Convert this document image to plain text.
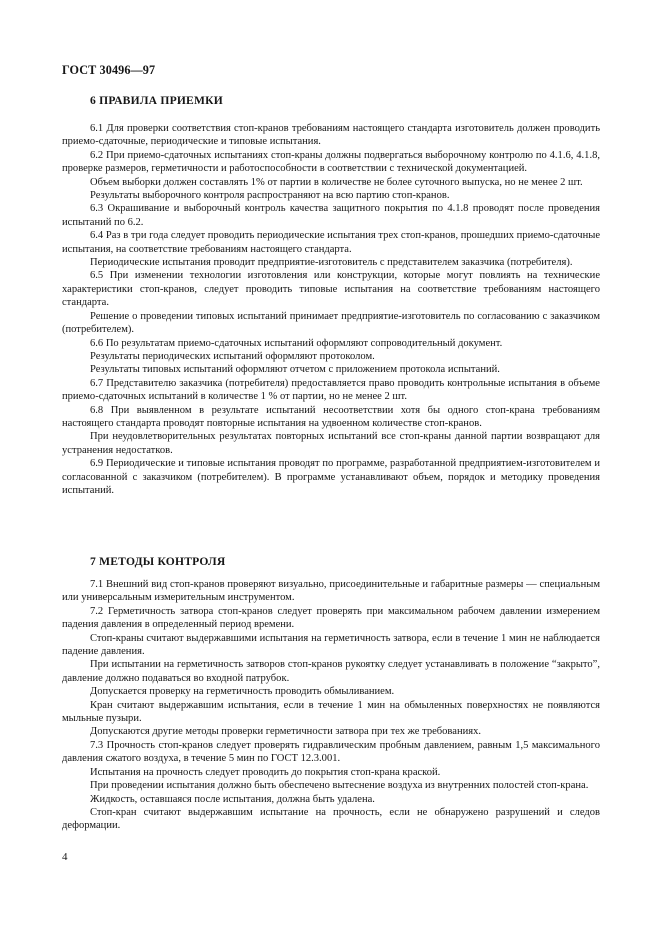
ГОСТ 30496—97
6 ПРАВИЛА ПРИЕМКИ

6.1 Для проверки соответствия стоп-кранов требованиям настоящего стандарта изготовитель должен проводить приемо-сдаточные, периодические и типовые испытания.

6.2 При приемо-сдаточных испытаниях стоп-краны должны подвергаться выборочному контролю по 4.1.6, 4.1.8, проверке размеров, герметичности и работоспособности в соответствии с технической документацией.

Объем выборки должен составлять 1% от партии в количестве не более суточного выпуска, но не менее 2 шт.

Результаты выборочного контроля распространяют на всю партию стоп-кранов.

6.3 Окрашивание и выборочный контроль качества защитного покрытия по 4.1.8 проводят после проведения испытаний по 6.2.

6.4 Раз в три года следует проводить периодические испытания трех стоп-кранов, прошедших приемо-сдаточные испытания, на соответствие требованиям настоящего стандарта.

Периодические испытания проводит предприятие-изготовитель с представителем заказчика (потребителя).

6.5 При изменении технологии изготовления или конструкции, которые могут повлиять на технические характеристики стоп-кранов, следует проводить типовые испытания на соответствие требованиям настоящего стандарта.

Решение о проведении типовых испытаний принимает предприятие-изготовитель по согласованию с заказчиком (потребителем).

6.6 По результатам приемо-сдаточных испытаний оформляют сопроводительный документ.

Результаты периодических испытаний оформляют протоколом.

Результаты типовых испытаний оформляют отчетом с приложением протокола испытаний.

6.7 Представителю заказчика (потребителя) предоставляется право проводить контрольные испытания в объеме приемо-сдаточных испытаний в количестве 1 % от партии, но не менее 2 шт.

6.8 При выявленном в результате испытаний несоответствии хотя бы одного стоп-крана требованиям настоящего стандарта проводят повторные испытания на удвоенном количестве стоп-кранов.

При неудовлетворительных результатах повторных испытаний все стоп-краны данной партии возвращают для устранения недостатков.

6.9 Периодические и типовые испытания проводят по программе, разработанной предприятием-изготовителем и согласованной с заказчиком (потребителем). В программе устанавливают объем, порядок и методику проведения испытаний.

7 МЕТОДЫ КОНТРОЛЯ

7.1 Внешний вид стоп-кранов проверяют визуально, присоединительные и габаритные размеры — специальным или универсальным измерительным инструментом.

7.2 Герметичность затвора стоп-кранов следует проверять при максимальном рабочем давлении измерением падения давления в определенный период времени.

Стоп-краны считают выдержавшими испытания на герметичность затвора, если в течение 1 мин не наблюдается падение давления.

При испытании на герметичность затворов стоп-кранов рукоятку следует устанавливать в положение “закрыто”, давление должно подаваться во входной патрубок.

Допускается проверку на герметичность проводить обмыливанием.

Кран считают выдержавшим испытания, если в течение 1 мин на обмыленных поверхностях не появляются мыльные пузыри.

Допускаются другие методы проверки герметичности затвора при тех же требованиях.

7.3 Прочность стоп-кранов следует проверять гидравлическим пробным давлением, равным 1,5 максимального давления сжатого воздуха, в течение 5 мин по ГОСТ 12.3.001.

Испытания на прочность следует проводить до покрытия стоп-крана краской.

При проведении испытания должно быть обеспечено вытеснение воздуха из внутренних полостей стоп-крана.

Жидкость, оставшаяся после испытания, должна быть удалена.

Стоп-кран считают выдержавшим испытание на прочность, если не обнаружено разрушений и следов деформации.

4
